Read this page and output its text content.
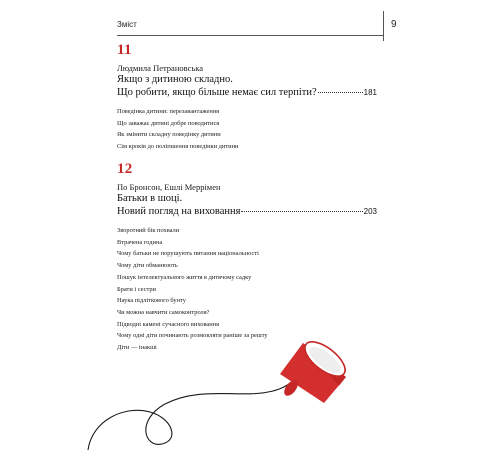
Зміст	9
11
Людмила Петрановська
Якщо з дитиною складно.
Що робити, якщо більше немає сил терпіти?	181
Поведінка дитини: перезавантаження
Що заважає дитині добре поводитися
Як змінити складну поведінку дитини
Сім кроків до поліпшення поведінки дитини
12
По Бронсон, Ешлі Меррімен
Батьки в шоці.
Новий погляд на виховання	203
Зворотний бік похвали
Втрачена година
Чому батьки не порушують питання національності
Чому діти обманюють
Пошук інтелектуального життя в дитячому садку
Брати і сестри
Наука підліткового бунту
Чи можна навчити самоконтроля?
Підводні камені сучасного виховання
Чому одні діти починають розмовляти раніше за решту
Діти — інакші
